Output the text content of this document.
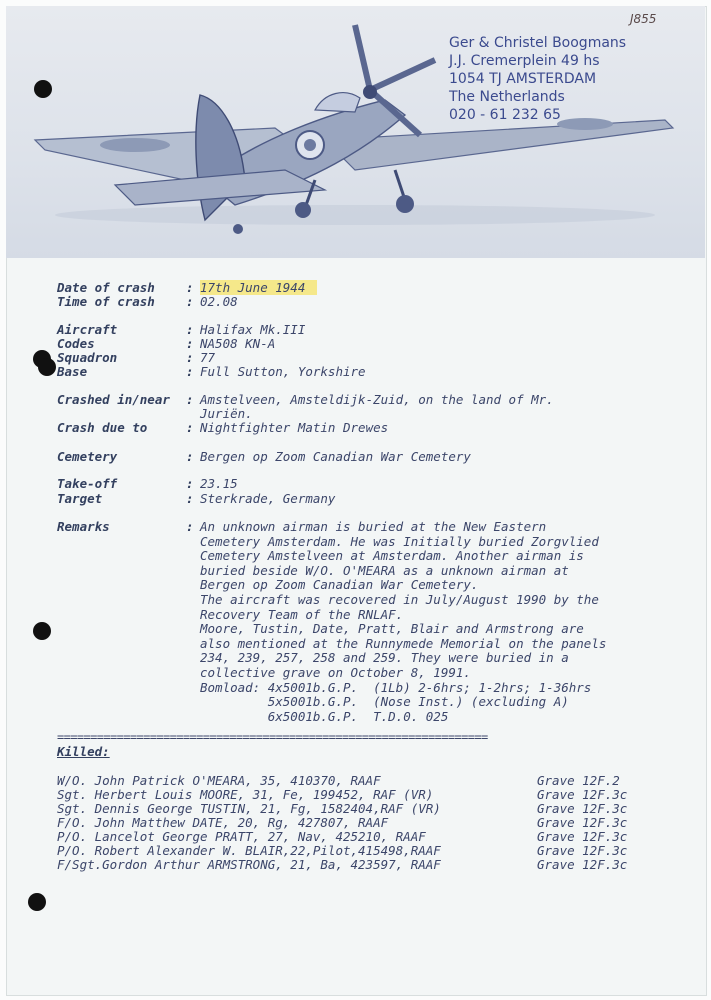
J855
Ger & Christel Boogmans
J.J. Cremerplein 49 hs
1054 TJ AMSTERDAM
The Netherlands
020 - 61 232 65
Date of crash : 17th June 1944
Time of crash : 02.08
Aircraft	: Halifax Mk.III
Codes	: NA508 KN-A
Squadron	: 77
Base	: Full Sutton, Yorkshire
Crashed in/near : Amstelveen, Amsteldijk-Zuid, on the land of Mr.
Juriën.
Crash due to	: Nightfighter Matin Drewes
Cemetery	: Bergen op Zoom Canadian War Cemetery
Take-off	: 23.15
Target	: Sterkrade, Germany
Remarks	: An unknown airman is buried at the New Eastern
Cemetery Amsterdam. He was Initially buried Zorgvlied
Cemetery Amstelveen at Amsterdam. Another airman is
buried beside W/O. O'MEARA as a unknown airman at
Bergen op Zoom Canadian War Cemetery.
The aircraft was recovered in July/August 1990 by the
Recovery Team of the RNLAF.
Moore, Tustin, Date, Pratt, Blair and Armstrong are
also mentioned at the Runnymede Memorial on the panels
234, 239, 257, 258 and 259. They were buried in a
collective grave on October 8, 1991.
Bomload: 4x5001b.G.P.  (1Lb) 2-6hrs; 1-2hrs; 1-36hrs
5x5001b.G.P.  (Nose Inst.) (excluding A)
6x5001b.G.P.  T.D.0. 025
=================================================================
Killed:
W/O. John Patrick O'MEARA, 35, 410370, RAAF	Grave 12F.2
Sgt. Herbert Louis MOORE, 31, Fe, 199452, RAF (VR)	Grave 12F.3c
Sgt. Dennis George TUSTIN, 21, Fg, 1582404,RAF (VR)	Grave 12F.3c
F/O. John Matthew DATE, 20, Rg, 427807, RAAF	Grave 12F.3c
P/O. Lancelot George PRATT, 27, Nav, 425210, RAAF	Grave 12F.3c
P/O. Robert Alexander W. BLAIR,22,Pilot,415498,RAAF	Grave 12F.3c
F/Sgt.Gordon Arthur ARMSTRONG, 21, Ba, 423597, RAAF	Grave 12F.3c
